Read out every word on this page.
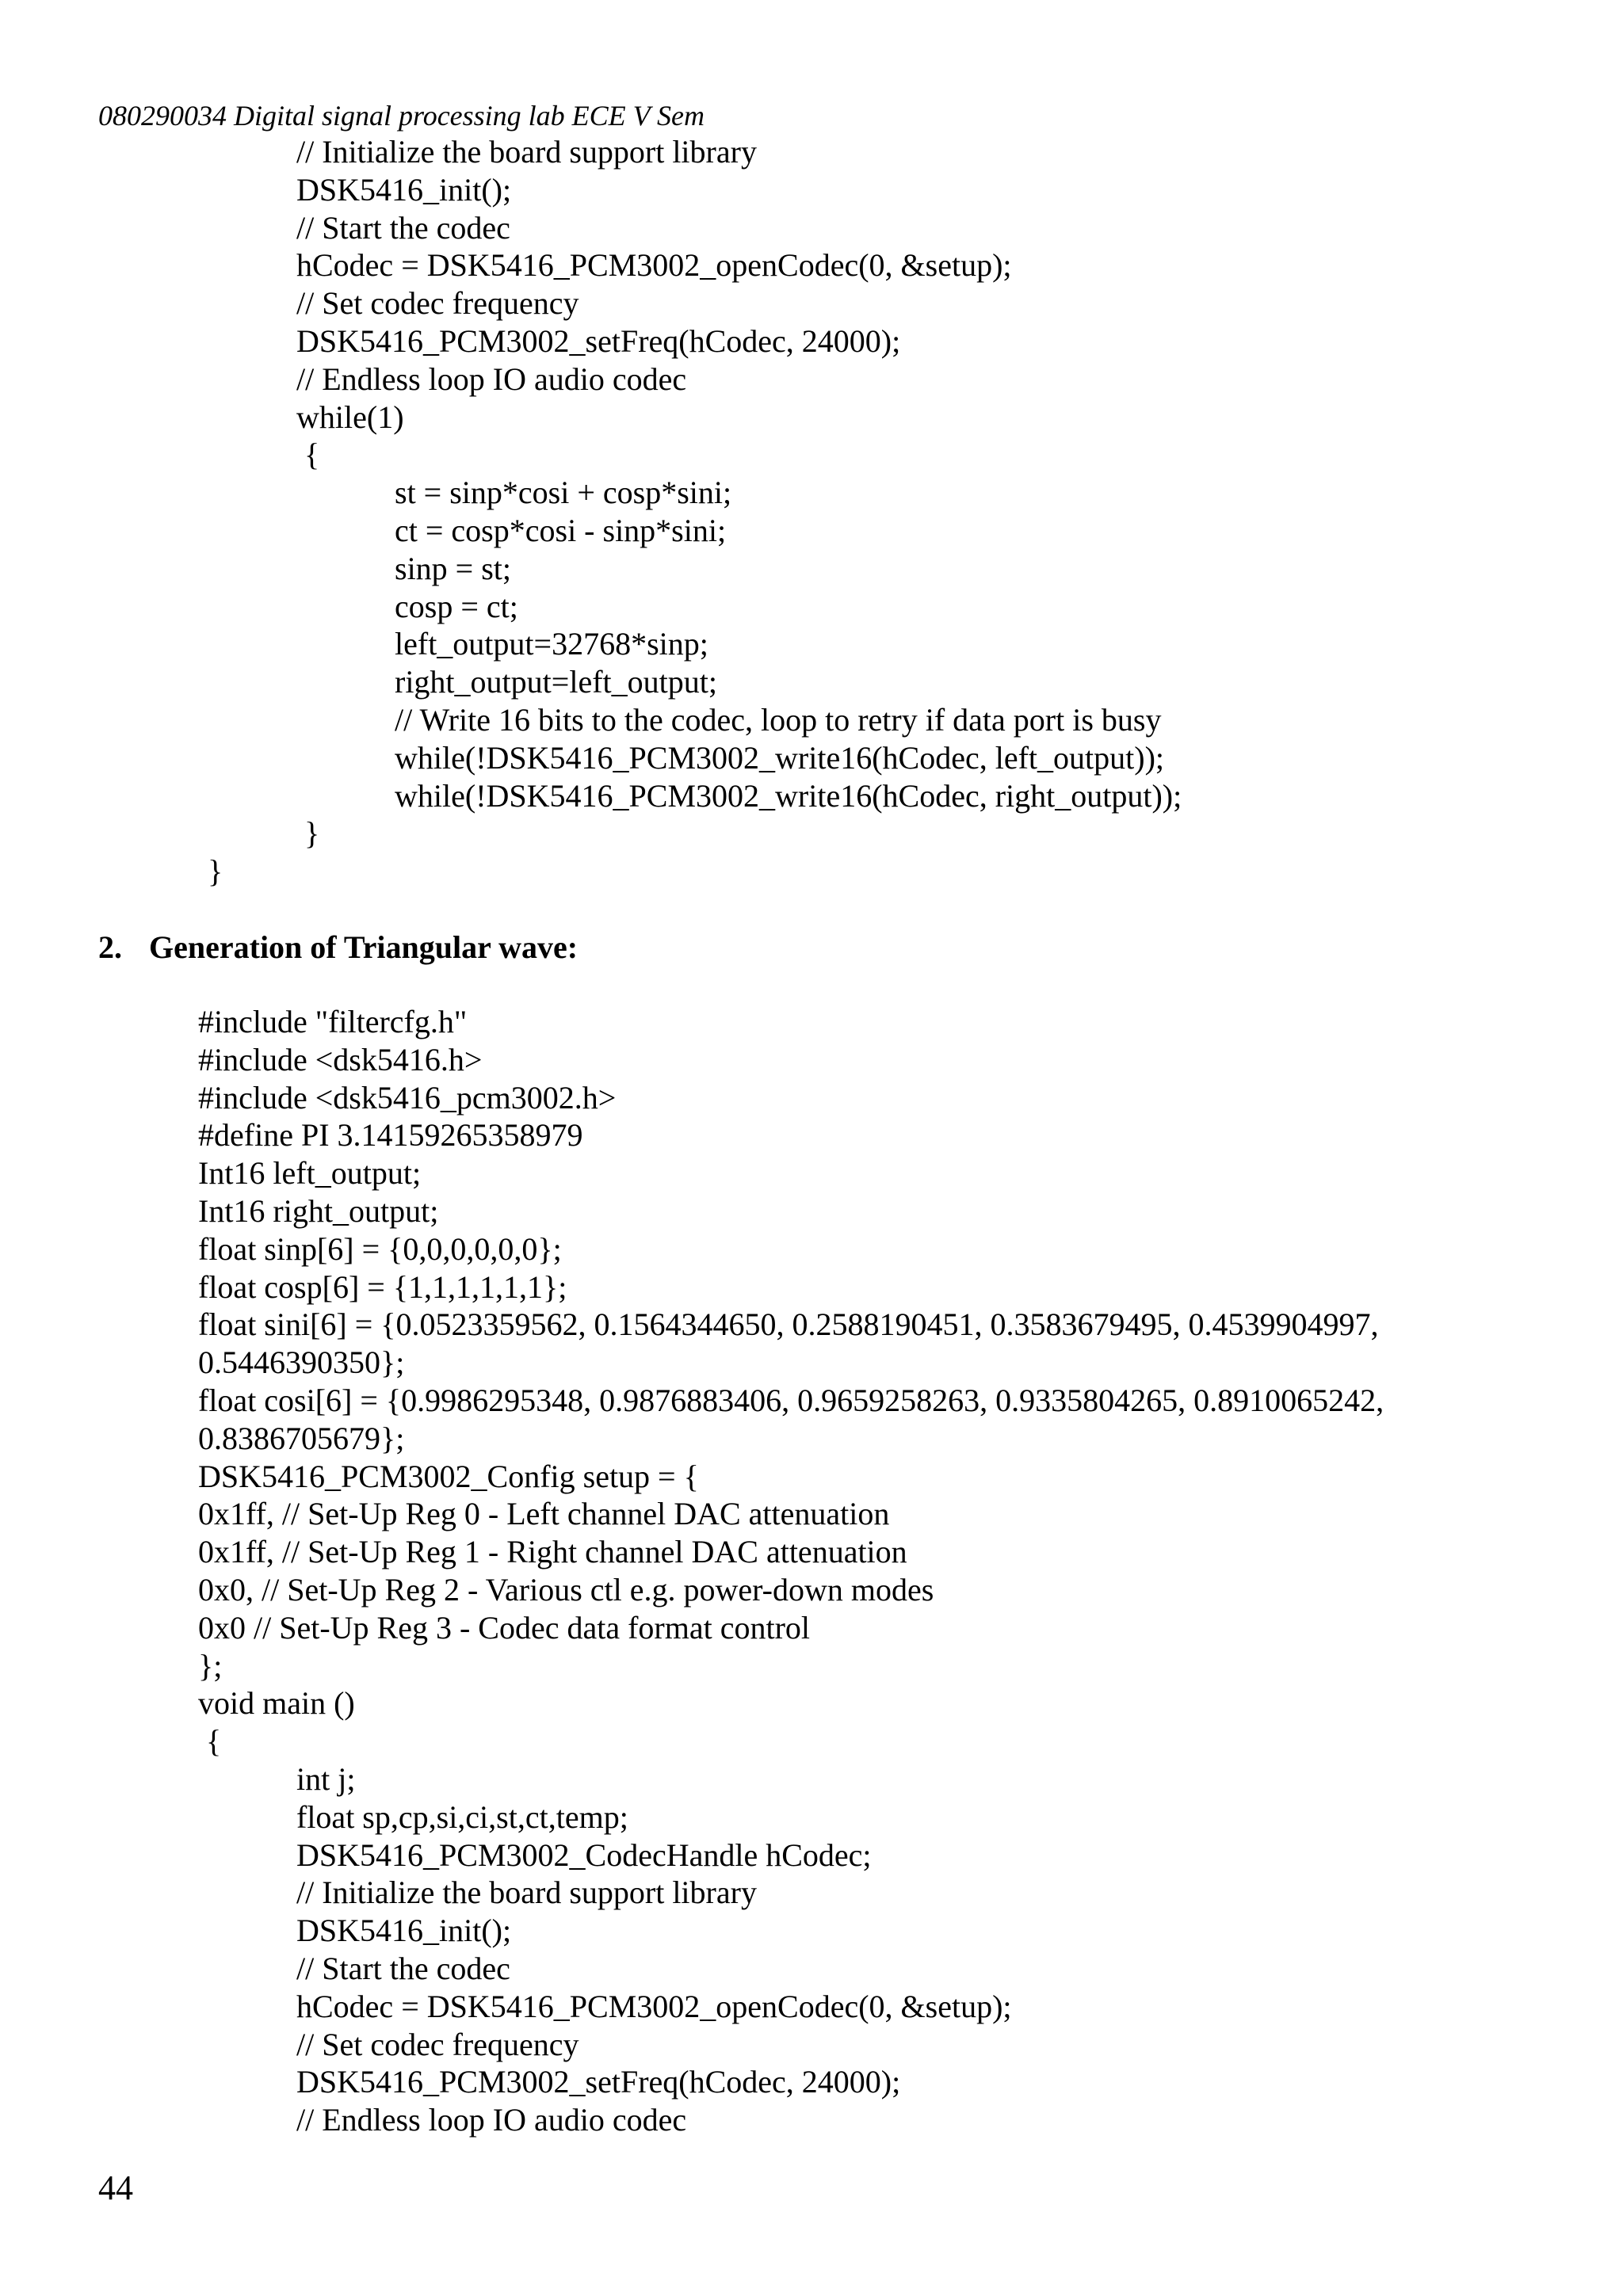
080290034 Digital signal processing lab ECE V Sem
// Initialize the board support library
DSK5416_init();
// Start the codec
hCodec = DSK5416_PCM3002_openCodec(0, &setup);
// Set codec frequency
DSK5416_PCM3002_setFreq(hCodec, 24000);
// Endless loop IO audio codec
while(1)
{
st = sinp*cosi + cosp*sini;
ct = cosp*cosi - sinp*sini;
sinp = st;
cosp = ct;
left_output=32768*sinp;
right_output=left_output;
// Write 16 bits to the codec, loop to retry if data port is busy
while(!DSK5416_PCM3002_write16(hCodec, left_output));
while(!DSK5416_PCM3002_write16(hCodec, right_output));
}
}
2. Generation of Triangular wave:
#include "filtercfg.h"
#include <dsk5416.h>
#include <dsk5416_pcm3002.h>
#define PI 3.14159265358979
Int16 left_output;
Int16 right_output;
float sinp[6] = {0,0,0,0,0,0};
float cosp[6] = {1,1,1,1,1,1};
float sini[6] = {0.0523359562, 0.1564344650, 0.2588190451, 0.3583679495, 0.4539904997,
0.5446390350};
float cosi[6] = {0.9986295348, 0.9876883406, 0.9659258263, 0.9335804265, 0.8910065242,
0.8386705679};
DSK5416_PCM3002_Config setup = {
0x1ff, // Set-Up Reg 0 - Left channel DAC attenuation
0x1ff, // Set-Up Reg 1 - Right channel DAC attenuation
0x0, // Set-Up Reg 2 - Various ctl e.g. power-down modes
0x0 // Set-Up Reg 3 - Codec data format control
};
void main ()
{
int j;
float sp,cp,si,ci,st,ct,temp;
DSK5416_PCM3002_CodecHandle hCodec;
// Initialize the board support library
DSK5416_init();
// Start the codec
hCodec = DSK5416_PCM3002_openCodec(0, &setup);
// Set codec frequency
DSK5416_PCM3002_setFreq(hCodec, 24000);
// Endless loop IO audio codec
44
